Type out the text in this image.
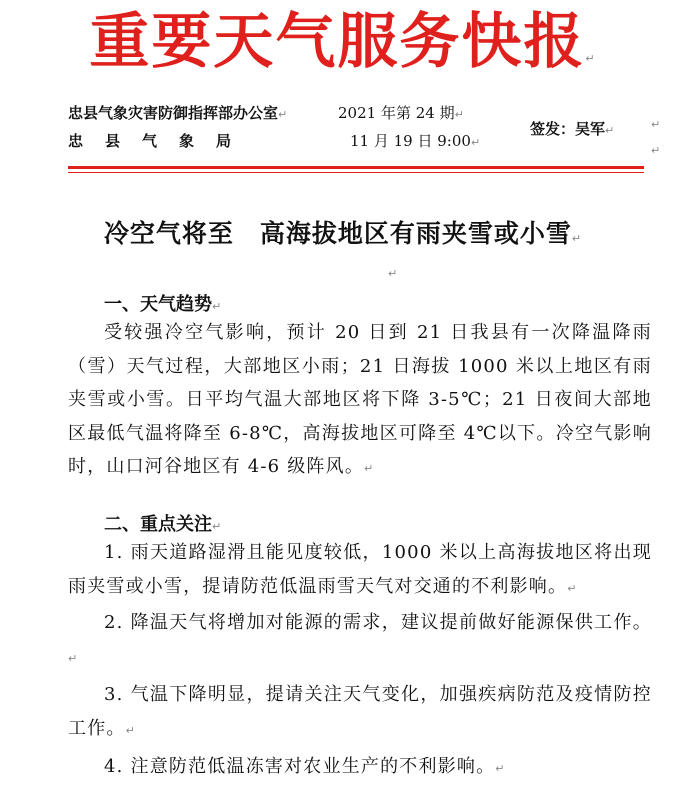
重要天气服务快报↵
忠县气象灾害防御指挥部办公室↵
忠县气象局
2021 年第 24 期↵
11 月 19 日 9:00↵
签发：吴军↵	↵
↵
冷空气将至　高海拔地区有雨夹雪或小雪↵
↵
一、天气趋势↵
受较强冷空气影响，预计 20 日到 21 日我县有一次降温降雨（雪）天气过程，大部地区小雨；21 日海拔 1000 米以上地区有雨夹雪或小雪。日平均气温大部地区将下降 3-5℃；21 日夜间大部地区最低气温将降至 6-8℃，高海拔地区可降至 4℃以下。冷空气影响时，山口河谷地区有 4-6 级阵风。↵
二、重点关注↵
1. 雨天道路湿滑且能见度较低，1000 米以上高海拔地区将出现雨夹雪或小雪，提请防范低温雨雪天气对交通的不利影响。↵
2. 降温天气将增加对能源的需求，建议提前做好能源保供工作。↵
3. 气温下降明显，提请关注天气变化，加强疾病防范及疫情防控工作。↵
4. 注意防范低温冻害对农业生产的不利影响。↵
